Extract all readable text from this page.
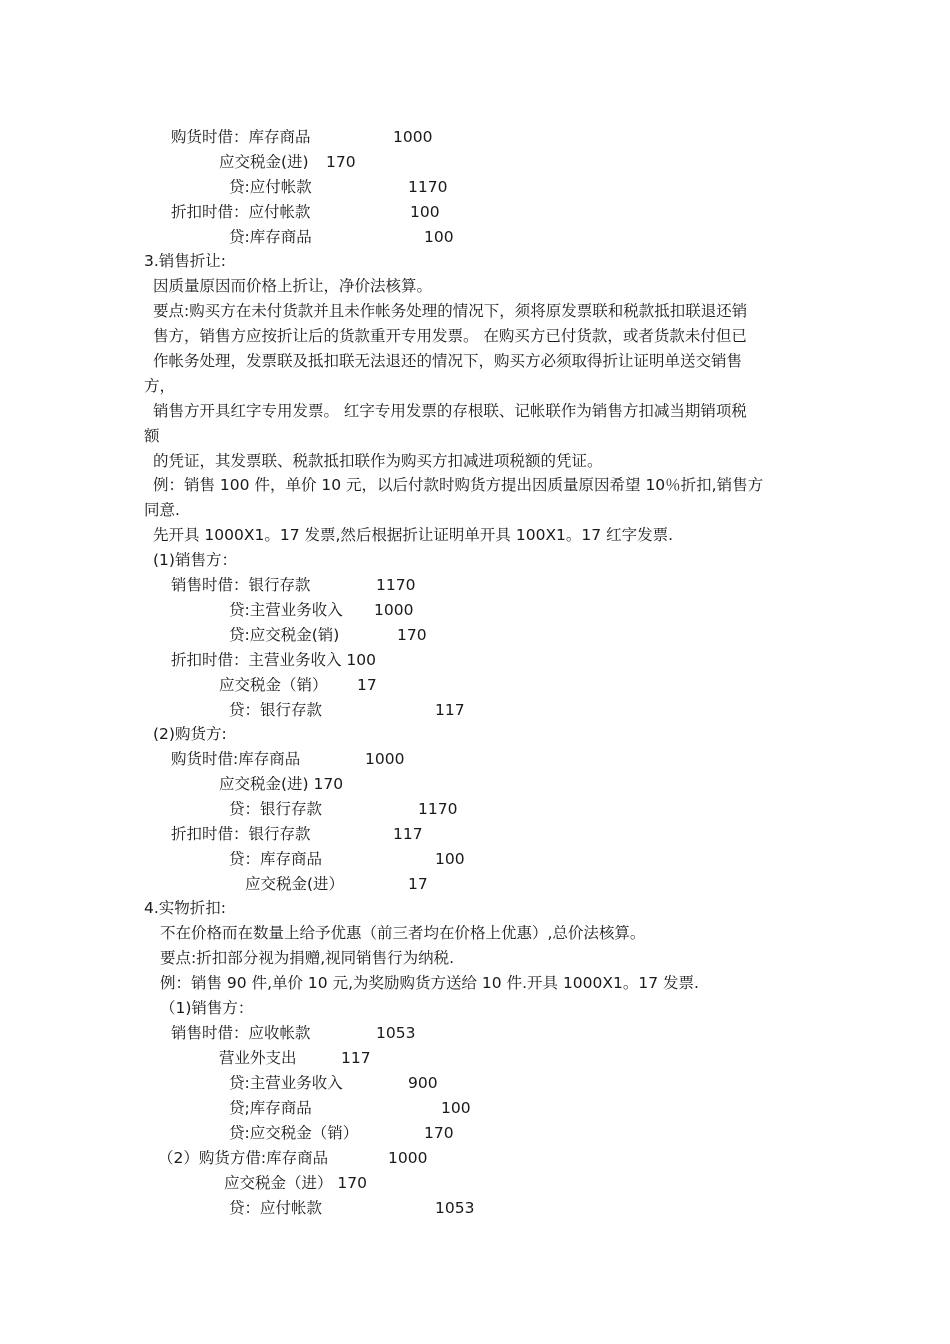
购货时借：库存商品	1000
应交税金(进) 170
贷:应付帐款	1170
折扣时借：应付帐款	100
贷:库存商品	100
3.销售折让:
因质量原因而价格上折让，净价法核算。
要点:购买方在未付货款并且未作帐务处理的情况下，须将原发票联和税款抵扣联退还销
售方，销售方应按折让后的货款重开专用发票。 在购买方已付货款，或者货款未付但已
作帐务处理，发票联及抵扣联无法退还的情况下，购买方必须取得折让证明单送交销售
方，
销售方开具红字专用发票。 红字专用发票的存根联、记帐联作为销售方扣减当期销项税
额
的凭证，其发票联、税款抵扣联作为购买方扣减进项税额的凭证。
例：销售 100 件，单价 10 元，以后付款时购货方提出因质量原因希望 10％折扣,销售方
同意.
先开具 1000X1。17 发票,然后根据折让证明单开具 100X1。17 红字发票.
(1)销售方：
销售时借：银行存款	1170
贷:主营业务收入 1000
贷:应交税金(销)	170
折扣时借：主营业务收入 100
应交税金（销） 17
贷：银行存款	117
(2)购货方:
购货时借:库存商品	1000
应交税金(进) 170
贷：银行存款	1170
折扣时借：银行存款	117
贷：库存商品	100
应交税金(进）	17
4.实物折扣:
不在价格而在数量上给予优惠（前三者均在价格上优惠）,总价法核算。
要点:折扣部分视为捐赠,视同销售行为纳税.
例：销售 90 件,单价 10 元,为奖励购货方送给 10 件.开具 1000X1。17 发票.
（1)销售方：
销售时借：应收帐款	1053
营业外支出	117
贷:主营业务收入	900
贷;库存商品	100
贷:应交税金（销）	170
（2）购货方借:库存商品	1000
应交税金（进） 170
贷：应付帐款	1053
